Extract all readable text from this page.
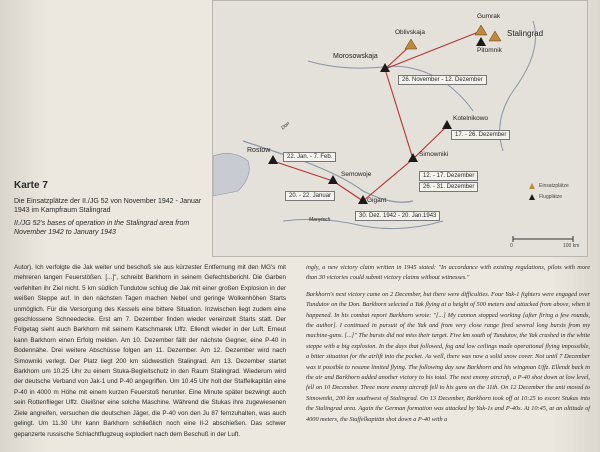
Oblivskaja
Gumrak
Stalingrad
Pitomnik
Morosowskaja
Rostow
Kotelnikowo
Simowniki
Semowoje
Gigant
26. November - 12. Dezember
22. Jan. - 7. Feb.
17. - 26. Dezember
12. - 17. Dezember
26. - 31. Dezember
20. - 22. Januar
30. Dez. 1942 - 20. Jan.1943
Don
Manytsch
Einsatzplätze
Flugplätze
0	100 km
Karte 7
Die Einsatzplätze der II./JG 52 von November 1942 - Januar 1943 im Kampfraum Stalingrad
II./JG 52's bases of operation in the Stalingrad area from November 1942 to January 1943

Autor). Ich verfolgte die Jak weiter und beschoß sie aus kürzester Entfernung mit den MG's mit mehreren langen Feuerstößen. [...]", schreibt Barkhorn in seinem Gefechtsbericht. Die Garben verfehlten ihr Ziel nicht. 5 km südlich Tundutow schlug die Jak mit einer großen Explosion in der weißen Steppe auf. In den nächsten Tagen machen Nebel und geringe Wolkenhöhen Starts unmöglich. Für die Versorgung des Kessels eine bittere Situation. Inzwischen liegt zudem eine geschlossene Schneedecke. Erst am 7. Dezember finden wieder vereinzelt Starts statt. Der Folgetag sieht auch Barkhorn mit seinem Katschmarek Uffz. Ellendt wieder in der Luft. Erneut kann Barkhorn einen Erfolg melden. Am 10. Dezember fällt der nächste Gegner, eine P-40 in Bodennähe. Drei weitere Abschüsse folgen am 11. Dezember. Am 12. Dezember wird nach Simowniki verlegt. Der Platz liegt 200 km südwestlich Stalingrad. Am 13. Dezember startet Barkhorn um 10.25 Uhr zu einem Stuka-Begleitschutz in den Raum Stalingrad. Wiederum wird der deutsche Verband von Jak-1 und P-40 angegriffen. Um 10.45 Uhr holt der Staffelkapitän eine P-40 in 4000 m Höhe mit einem kurzen Feuerstoß herunter. Eine Minute später bezwingt auch sein Rottenflieger Uffz. Gleißner eine solche Maschine. Während die Stukas ihre zugewiesenen Ziele angreifen, versuchen die deutschen Jäger, die P-40 von den Ju 87 fernzuhalten, was auch gelingt. Um 11.30 Uhr kann Barkhorn schließlich noch eine Il-2 abschießen. Das schwer gepanzerte russische Schlachtflugzeug explodiert nach dem Beschuß in der Luft.

ingly, a new victory claim written in 1945 stated: "In accordance with existing regulations, pilots with more than 30 victories could submit victory claims without witnesses."

Barkhorn's next victory came on 2 December, but there were difficulties. Four Yak-1 fighters were engaged over Tundutov on the Don. Barkhorn selected a Yak flying at a height of 500 meters and attacked from above, when it happened. In his combat report Barkhorn wrote: "[...] My cannon stopped working [after firing a few rounds, the author]. I continued in pursuit of the Yak and from very close range fired several long bursts from my machine-guns. [...]" The bursts did not miss their target. Five km south of Tundutov, the Yak crashed in the white steppe with a big explosion. In the days that followed, fog and low ceilings made operational flying impossible, a bitter situation for the airlift into the pocket. As well, there was now a solid snow cover. Not until 7 December was it possible to resume limited flying. The following day saw Barkhorn and his wingman Uffz. Ellendt back in the air and Barkhorn added another victory to his total. The next enemy aircraft, a P-40 shot down at low level, fell on 10 December. Three more enemy aircraft fell to his guns on the 11th. On 12 December the unit moved to Simowniki, 200 km southwest of Stalingrad. On 13 December, Barkhorn took off at 10:25 to escort Stukas into the Stalingrad area. Again the German formation was attacked by Yak-1s and P-40s. At 10:45, at an altitude of 4000 meters, the Staffelkapitän shot down a P-40 with a
